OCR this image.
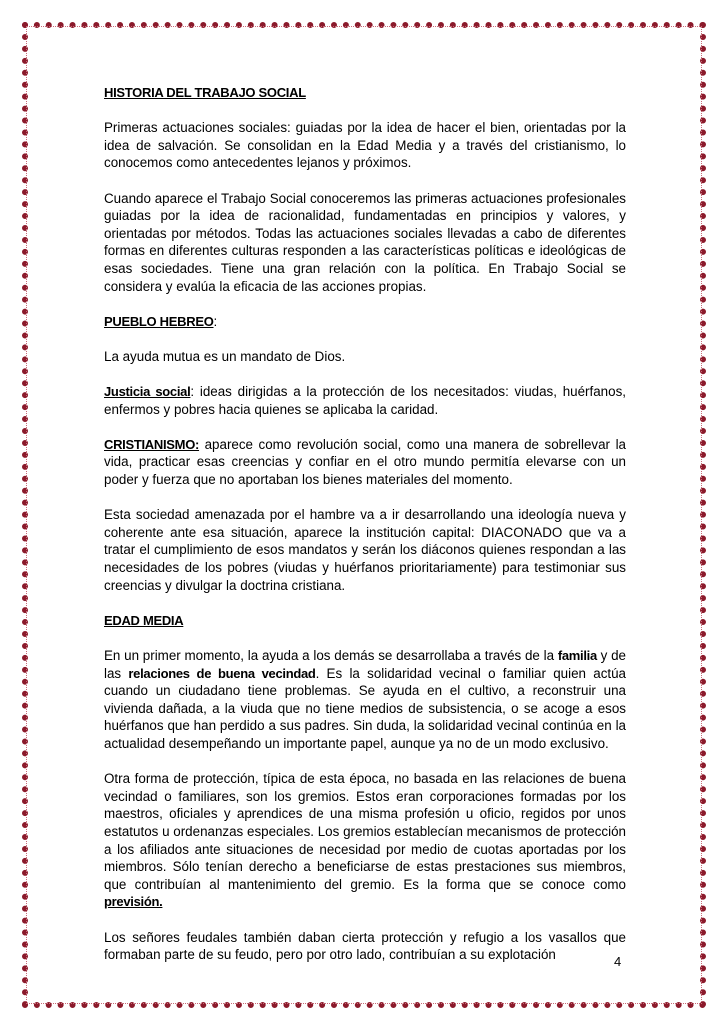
HISTORIA DEL TRABAJO SOCIAL

Primeras actuaciones sociales: guiadas por la idea de hacer el bien, orientadas por la idea de salvación. Se consolidan en la Edad Media y a través del cristianismo, lo conocemos como antecedentes lejanos y próximos.

Cuando aparece el Trabajo Social conoceremos las primeras actuaciones profesionales guiadas por la idea de racionalidad, fundamentadas en principios y valores, y orientadas por métodos. Todas las actuaciones sociales llevadas a cabo de diferentes formas en diferentes culturas responden a las características políticas e ideológicas de esas sociedades. Tiene una gran relación con la política. En Trabajo Social se considera y evalúa la eficacia de las acciones propias.

PUEBLO HEBREO:

La ayuda mutua es un mandato de Dios.

Justicia social: ideas dirigidas a la protección de los necesitados: viudas, huérfanos, enfermos y pobres hacia quienes se aplicaba la caridad.

CRISTIANISMO: aparece como revolución social, como una manera de sobrellevar la vida, practicar esas creencias y confiar en el otro mundo permitía elevarse con un poder y fuerza que no aportaban los bienes materiales del momento.

Esta sociedad amenazada por el hambre va a ir desarrollando una ideología nueva y coherente ante esa situación, aparece la institución capital: DIACONADO que va a tratar el cumplimiento de esos mandatos y serán los diáconos quienes respondan a las necesidades de los pobres (viudas y huérfanos prioritariamente) para testimoniar sus creencias y divulgar la doctrina cristiana.

EDAD MEDIA

En un primer momento, la ayuda a los demás se desarrollaba a través de la familia y de las relaciones de buena vecindad. Es la solidaridad vecinal o familiar quien actúa cuando un ciudadano tiene problemas. Se ayuda en el cultivo, a reconstruir una vivienda dañada, a la viuda que no tiene medios de subsistencia, o se acoge a esos huérfanos que han perdido a sus padres. Sin duda, la solidaridad vecinal continúa en la actualidad desempeñando un importante papel, aunque ya no de un modo exclusivo.

Otra forma de protección, típica de esta época, no basada en las relaciones de buena vecindad o familiares, son los gremios. Estos eran corporaciones formadas por los maestros, oficiales y aprendices de una misma profesión u oficio, regidos por unos estatutos u ordenanzas especiales. Los gremios establecían mecanismos de protección a los afiliados ante situaciones de necesidad por medio de cuotas aportadas por los miembros. Sólo tenían derecho a beneficiarse de estas prestaciones sus miembros, que contribuían al mantenimiento del gremio. Es la forma que se conoce como previsión.

Los señores feudales también daban cierta protección y refugio a los vasallos que formaban parte de su feudo, pero por otro lado, contribuían a su explotación	4
